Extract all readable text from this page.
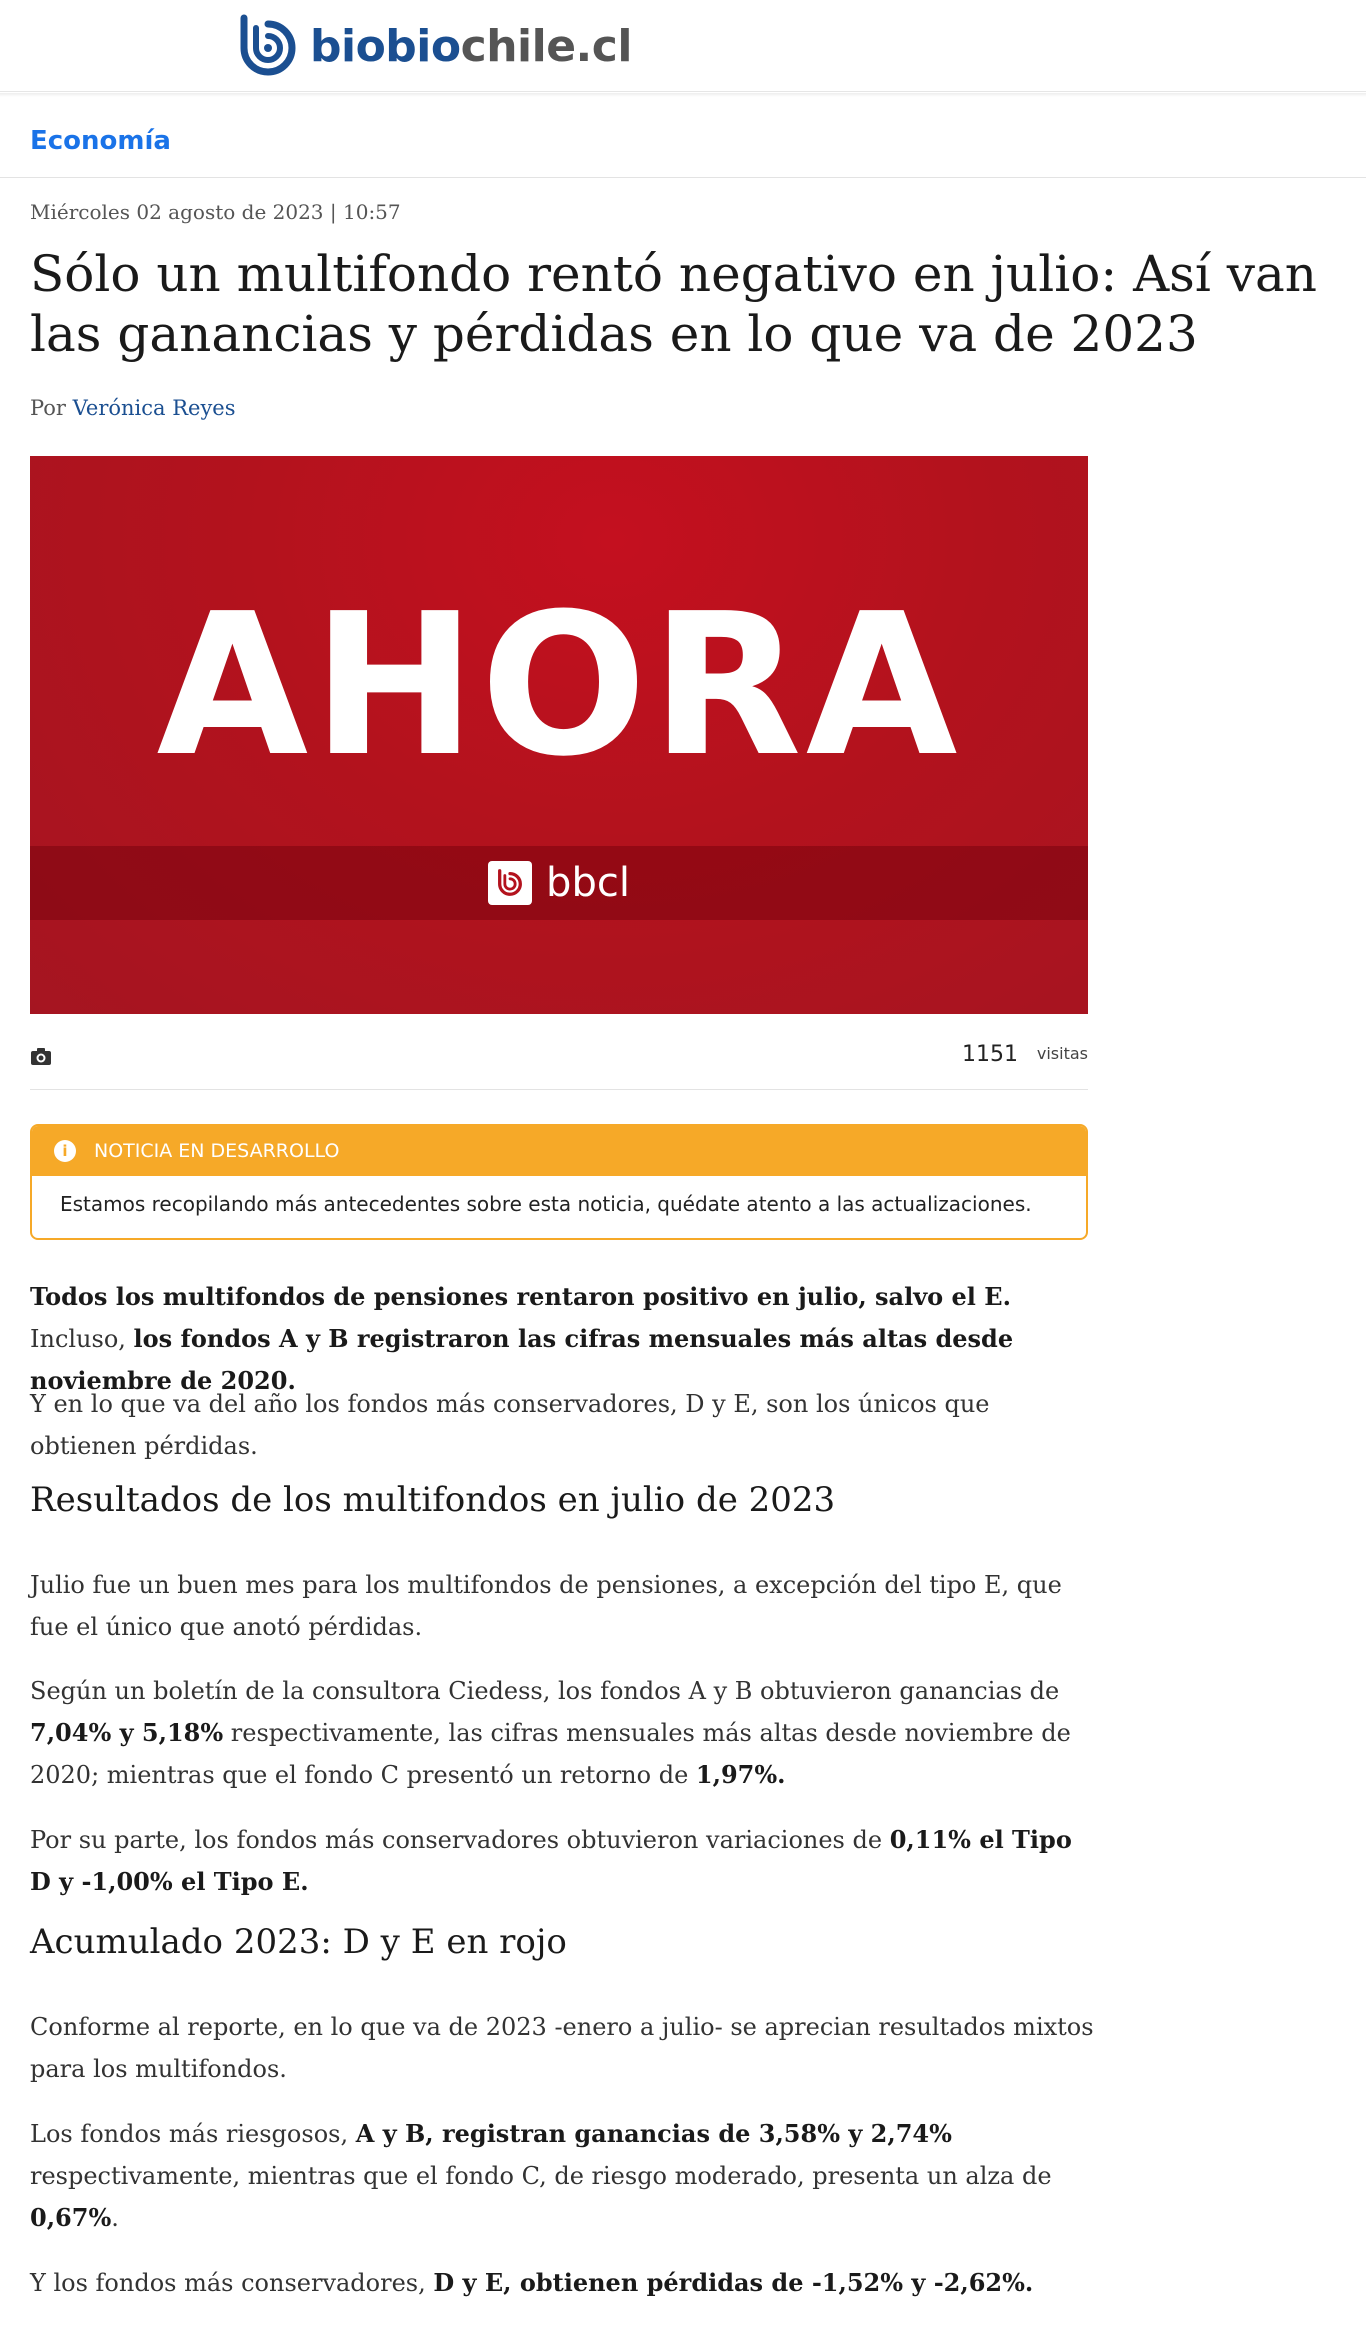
biobiochile.cl
Economía
Miércoles 02 agosto de 2023 | 10:57
Sólo un multifondo rentó negativo en julio: Así van las ganancias y pérdidas en lo que va de 2023
Por Verónica Reyes
AHORA
bbcl
1151 visitas
i	NOTICIA EN DESARROLLO
Estamos recopilando más antecedentes sobre esta noticia, quédate atento a las actualizaciones.

Todos los multifondos de pensiones rentaron positivo en julio, salvo el E. Incluso, los fondos A y B registraron las cifras mensuales más altas desde noviembre de 2020.

Y en lo que va del año los fondos más conservadores, D y E, son los únicos que obtienen pérdidas.

Resultados de los multifondos en julio de 2023

Julio fue un buen mes para los multifondos de pensiones, a excepción del tipo E, que fue el único que anotó pérdidas.

Según un boletín de la consultora Ciedess, los fondos A y B obtuvieron ganancias de 7,04% y 5,18% respectivamente, las cifras mensuales más altas desde noviembre de 2020; mientras que el fondo C presentó un retorno de 1,97%.

Por su parte, los fondos más conservadores obtuvieron variaciones de 0,11% el Tipo D y -1,00% el Tipo E.

Acumulado 2023: D y E en rojo

Conforme al reporte, en lo que va de 2023 -enero a julio- se aprecian resultados mixtos para los multifondos.

Los fondos más riesgosos, A y B, registran ganancias de 3,58% y 2,74% respectivamente, mientras que el fondo C, de riesgo moderado, presenta un alza de 0,67%.

Y los fondos más conservadores, D y E, obtienen pérdidas de -1,52% y -2,62%.
